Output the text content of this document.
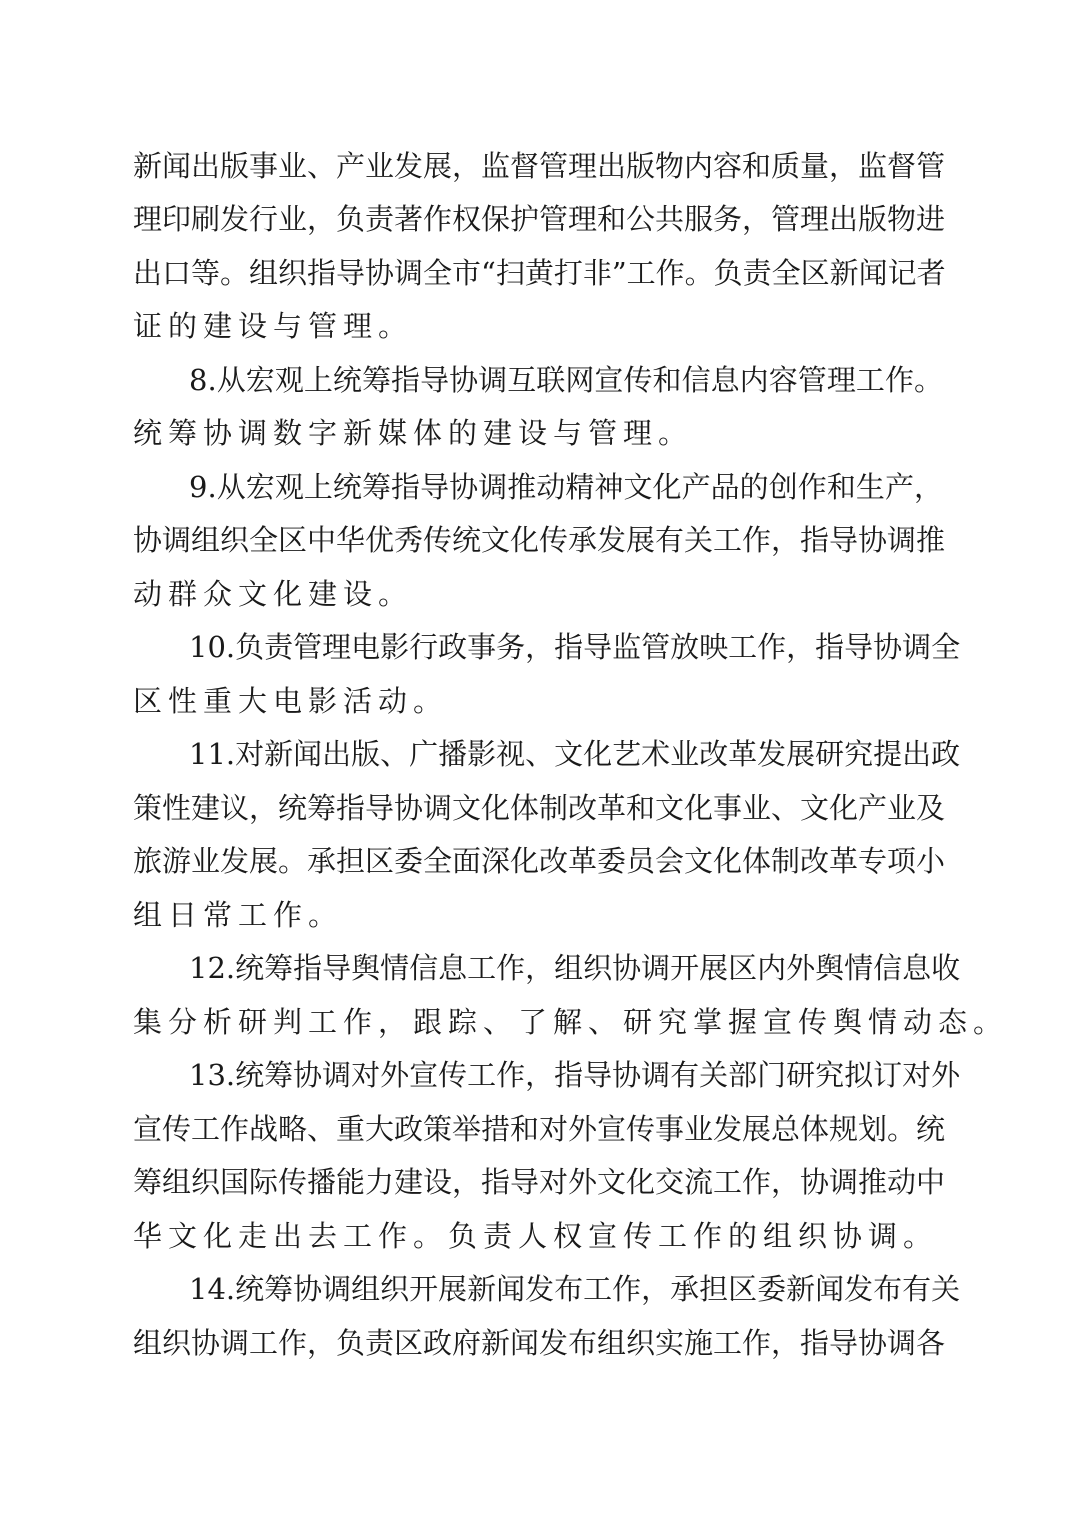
新闻出版事业、产业发展，监督管理出版物内容和质量，监督管
理印刷发行业，负责著作权保护管理和公共服务，管理出版物进
出口等。组织指导协调全市“扫黄打非”工作。负责全区新闻记者
证的建设与管理。
8.从宏观上统筹指导协调互联网宣传和信息内容管理工作。
统筹协调数字新媒体的建设与管理。
9.从宏观上统筹指导协调推动精神文化产品的创作和生产，
协调组织全区中华优秀传统文化传承发展有关工作，指导协调推
动群众文化建设。
10.负责管理电影行政事务，指导监管放映工作，指导协调全
区性重大电影活动。
11.对新闻出版、广播影视、文化艺术业改革发展研究提出政
策性建议，统筹指导协调文化体制改革和文化事业、文化产业及
旅游业发展。承担区委全面深化改革委员会文化体制改革专项小
组日常工作。
12.统筹指导舆情信息工作，组织协调开展区内外舆情信息收
集分析研判工作，跟踪、了解、研究掌握宣传舆情动态。
13.统筹协调对外宣传工作，指导协调有关部门研究拟订对外
宣传工作战略、重大政策举措和对外宣传事业发展总体规划。统
筹组织国际传播能力建设，指导对外文化交流工作，协调推动中
华文化走出去工作。负责人权宣传工作的组织协调。
14.统筹协调组织开展新闻发布工作，承担区委新闻发布有关
组织协调工作，负责区政府新闻发布组织实施工作，指导协调各
